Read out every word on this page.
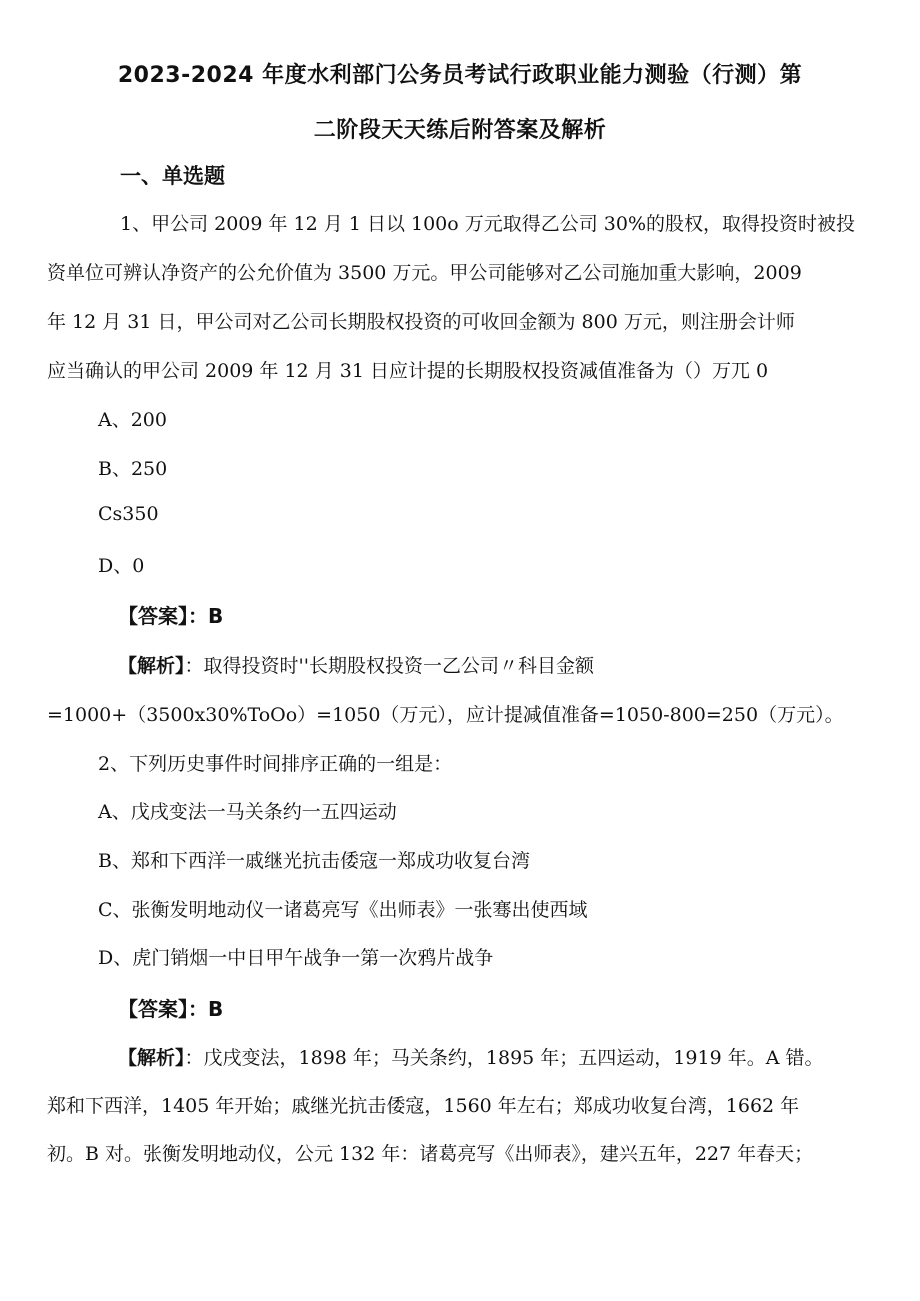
2023-2024 年度水利部门公务员考试行政职业能力测验（行测）第
二阶段天天练后附答案及解析
一、单选题
1、甲公司 2009 年 12 月 1 日以 100o 万元取得乙公司 30%的股权，取得投资时被投
资单位可辨认净资产的公允价值为 3500 万元。甲公司能够对乙公司施加重大影响，2009
年 12 月 31 日，甲公司对乙公司长期股权投资的可收回金额为 800 万元，则注册会计师
应当确认的甲公司 2009 年 12 月 31 日应计提的长期股权投资减值准备为（）万兀 0
A、200
B、250
Cs350
D、0
【答案】：B
【解析】：取得投资时''长期股权投资一乙公司〃科目金额
=1000+（3500x30%ToOo）=1050（万元），应计提减值准备=1050-800=250（万元）。
2、下列历史事件时间排序正确的一组是：
A、戊戌变法一马关条约一五四运动
B、郑和下西洋一戚继光抗击倭寇一郑成功收复台湾
C、张衡发明地动仪一诸葛亮写《出师表》一张骞出使西域
D、虎门销烟一中日甲午战争一第一次鸦片战争
【答案】：B
【解析】：戊戌变法，1898 年；马关条约，1895 年；五四运动，1919 年。A 错。
郑和下西洋，1405 年开始；戚继光抗击倭寇，1560 年左右；郑成功收复台湾，1662 年
初。B 对。张衡发明地动仪，公元 132 年：诸葛亮写《出师表》，建兴五年，227 年春天；
